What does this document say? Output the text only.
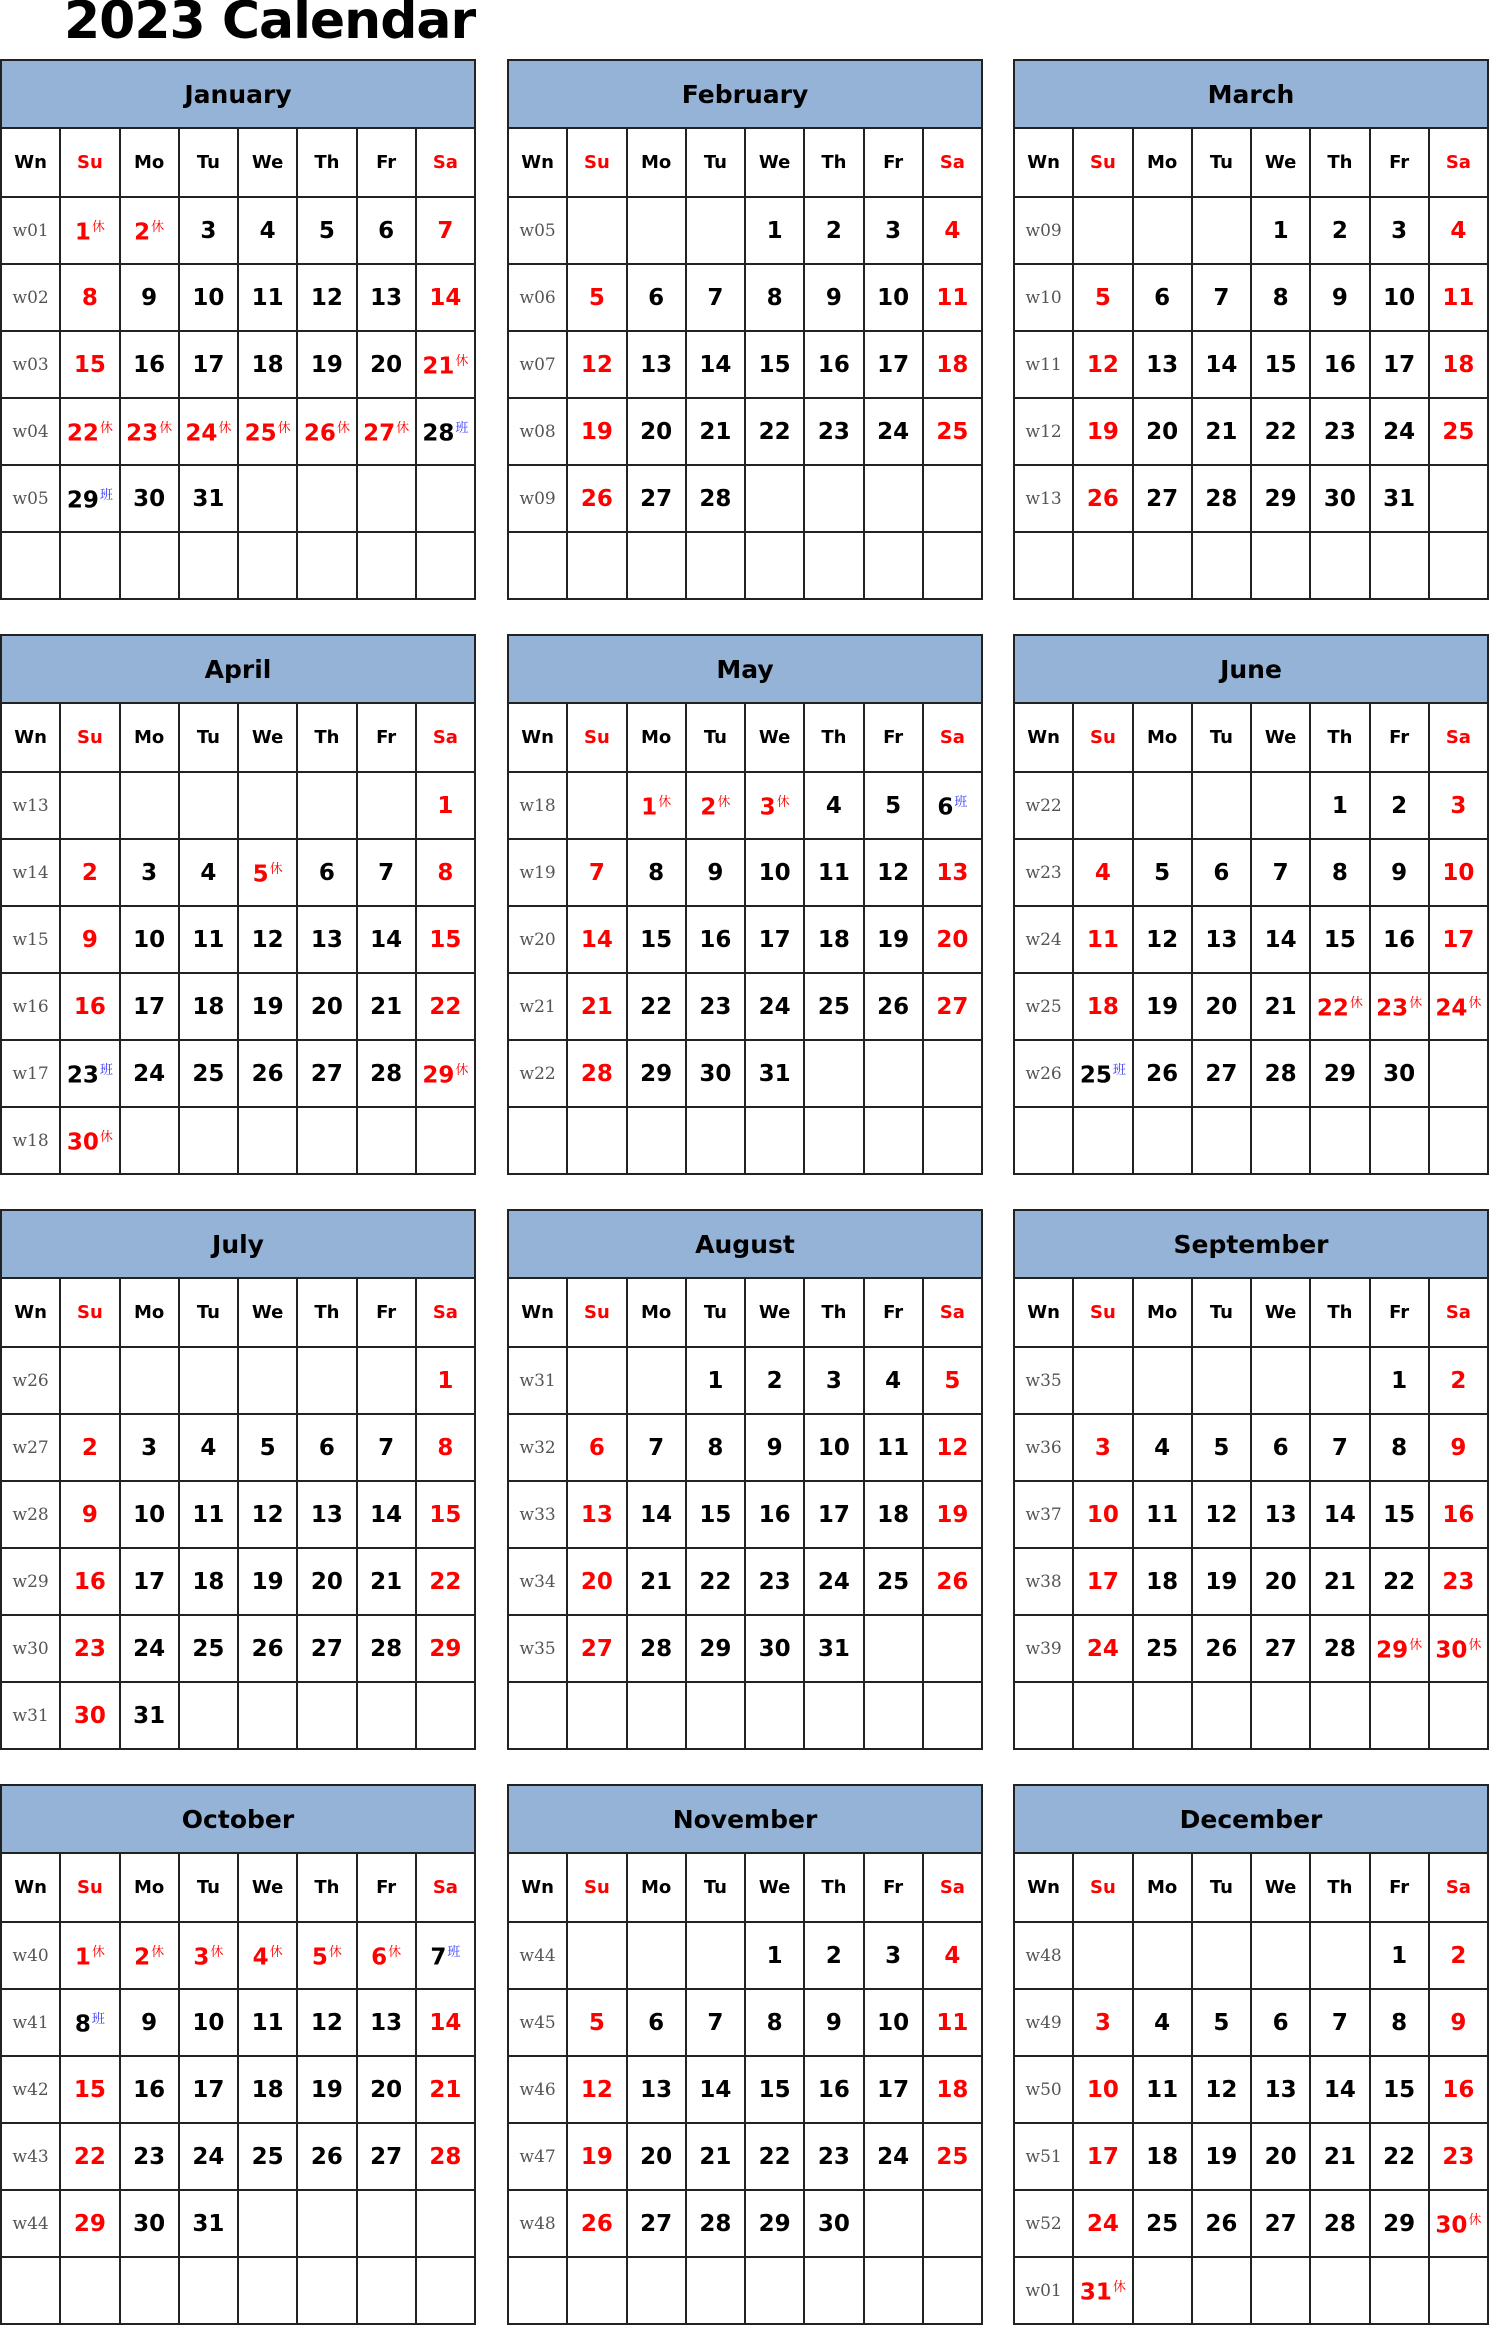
2023 Calendar
January							
Wn	Su	Mo	Tu	We	Th	Fr	Sa
w01	$1^休$	$2^休$	3	4	5	6	7
w02	8	9	10	11	12	13	14
w03	15	16	17	18	19	20	$21^休$
w04	$22^休$	$23^休$	$24^休$	$25^休$	$26^休$	$27^休$	$28^班$
w05	$29^班$	30	31				

February							
Wn	Su	Mo	Tu	We	Th	Fr	Sa
w05				1	2	3	4
w06	5	6	7	8	9	10	11
w07	12	13	14	15	16	17	18
w08	19	20	21	22	23	24	25
w09	26	27	28				

March							
Wn	Su	Mo	Tu	We	Th	Fr	Sa
w09				1	2	3	4
w10	5	6	7	8	9	10	11
w11	12	13	14	15	16	17	18
w12	19	20	21	22	23	24	25
w13	26	27	28	29	30	31	

April							
Wn	Su	Mo	Tu	We	Th	Fr	Sa
w13							1
w14	2	3	4	$5^休$	6	7	8
w15	9	10	11	12	13	14	15
w16	16	17	18	19	20	21	22
w17	$23^班$	24	25	26	27	28	$29^休$
w18	$30^休$						
May							
Wn	Su	Mo	Tu	We	Th	Fr	Sa
w18		$1^休$	$2^休$	$3^休$	4	5	$6^班$
w19	7	8	9	10	11	12	13
w20	14	15	16	17	18	19	20
w21	21	22	23	24	25	26	27
w22	28	29	30	31			

June							
Wn	Su	Mo	Tu	We	Th	Fr	Sa
w22					1	2	3
w23	4	5	6	7	8	9	10
w24	11	12	13	14	15	16	17
w25	18	19	20	21	$22^休$	$23^休$	$24^休$
w26	$25^班$	26	27	28	29	30	

July							
Wn	Su	Mo	Tu	We	Th	Fr	Sa
w26							1
w27	2	3	4	5	6	7	8
w28	9	10	11	12	13	14	15
w29	16	17	18	19	20	21	22
w30	23	24	25	26	27	28	29
w31	30	31					
August							
Wn	Su	Mo	Tu	We	Th	Fr	Sa
w31			1	2	3	4	5
w32	6	7	8	9	10	11	12
w33	13	14	15	16	17	18	19
w34	20	21	22	23	24	25	26
w35	27	28	29	30	31		

September							
Wn	Su	Mo	Tu	We	Th	Fr	Sa
w35						1	2
w36	3	4	5	6	7	8	9
w37	10	11	12	13	14	15	16
w38	17	18	19	20	21	22	23
w39	24	25	26	27	28	$29^休$	$30^休$

October							
Wn	Su	Mo	Tu	We	Th	Fr	Sa
w40	$1^休$	$2^休$	$3^休$	$4^休$	$5^休$	$6^休$	$7^班$
w41	$8^班$	9	10	11	12	13	14
w42	15	16	17	18	19	20	21
w43	22	23	24	25	26	27	28
w44	29	30	31				

November							
Wn	Su	Mo	Tu	We	Th	Fr	Sa
w44				1	2	3	4
w45	5	6	7	8	9	10	11
w46	12	13	14	15	16	17	18
w47	19	20	21	22	23	24	25
w48	26	27	28	29	30		

December							
Wn	Su	Mo	Tu	We	Th	Fr	Sa
w48						1	2
w49	3	4	5	6	7	8	9
w50	10	11	12	13	14	15	16
w51	17	18	19	20	21	22	23
w52	24	25	26	27	28	29	$30^休$
w01	$31^休$						
